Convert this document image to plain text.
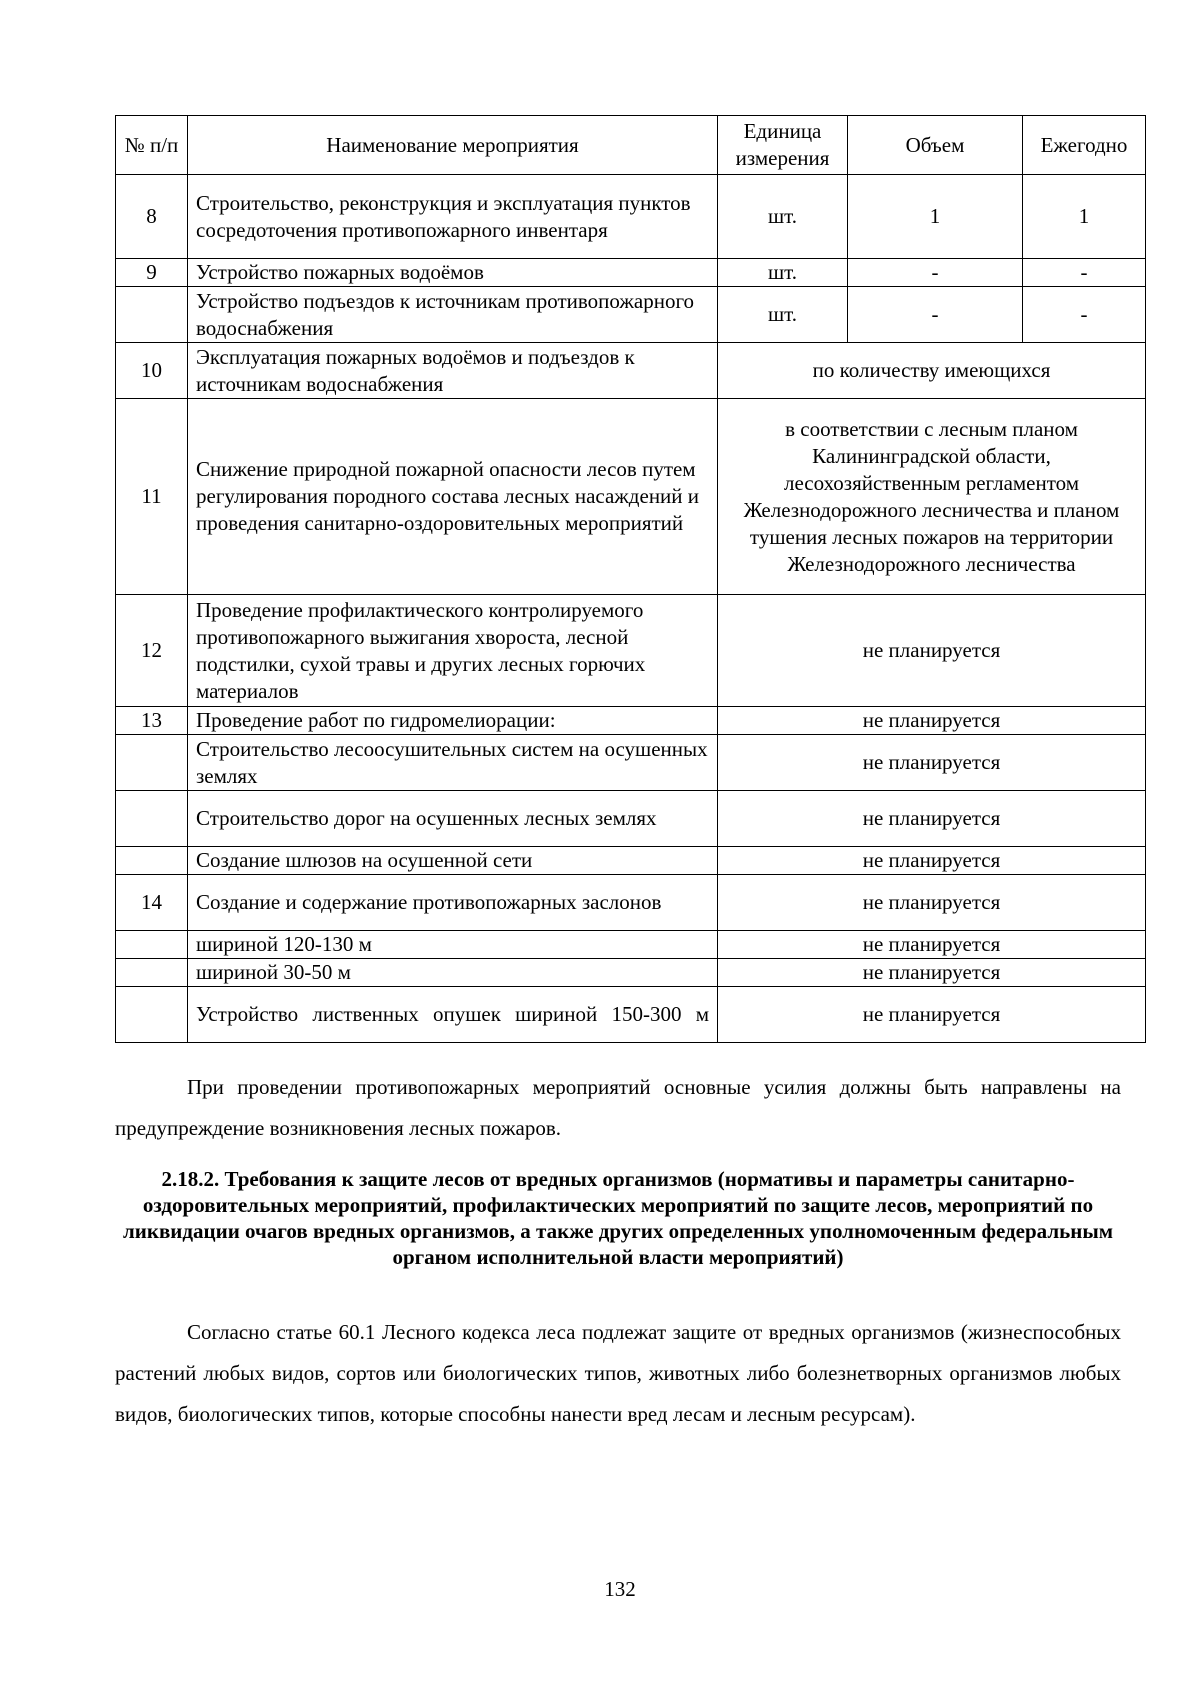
№ п/п	Наименование мероприятия	Единица измерения	Объем	Ежегодно
8	Строительство, реконструкция и эксплуатация пунктов сосредоточения противопожарного инвентаря	шт.	1	1
9	Устройство пожарных водоёмов	шт.	-	-
	Устройство подъездов к источникам противопожарного водоснабжения	шт.	-	-
10	Эксплуатация пожарных водоёмов и подъездов к источникам водоснабжения	по количеству имеющихся		
11	Снижение природной пожарной опасности лесов путем регулирования породного состава лесных насаждений и проведения санитарно-оздоровительных мероприятий	в соответствии с лесным планом Калининградской области, лесохозяйственным регламентом Железнодорожного лесничества и планом тушения лесных пожаров на территории Железнодорожного лесничества		
12	Проведение профилактического контролируемого противопожарного выжигания хвороста, лесной подстилки, сухой травы и других лесных горючих материалов	не планируется		
13	Проведение работ по гидромелиорации:	не планируется		
	Строительство лесоосушительных систем на осушенных землях	не планируется		
	Строительство дорог на осушенных лесных землях	не планируется		
	Создание шлюзов на осушенной сети	не планируется		
14	Создание и содержание противопожарных заслонов	не планируется		
	шириной 120-130 м	не планируется		
	шириной 30-50 м	не планируется		
	Устройство лиственных опушек шириной 150-300 м	не планируется		

При проведении противопожарных мероприятий основные усилия должны быть направлены на предупреждение возникновения лесных пожаров.

2.18.2. Требования к защите лесов от вредных организмов (нормативы и параметры санитарно-оздоровительных мероприятий, профилактических мероприятий по защите лесов, мероприятий по ликвидации очагов вредных организмов, а также других определенных уполномоченным федеральным органом исполнительной власти мероприятий)

Согласно статье 60.1 Лесного кодекса леса подлежат защите от вредных организмов (жизнеспособных растений любых видов, сортов или биологических типов, животных либо болезнетворных организмов любых видов, биологических типов, которые способны нанести вред лесам и лесным ресурсам).

132
